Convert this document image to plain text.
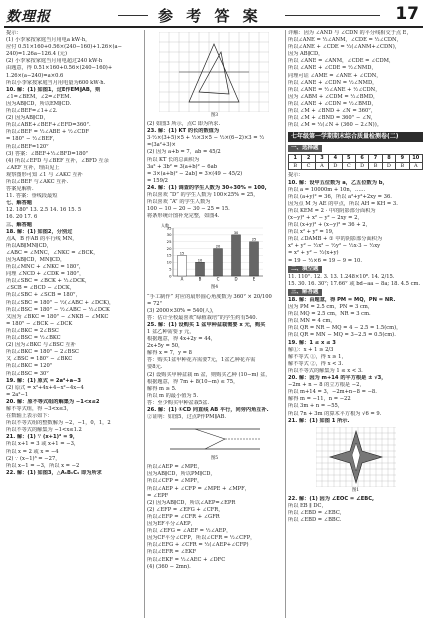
数理报	参 考 答 案	17

提示：

(1) 小李家按家庭当月用电a kW·h，

应付 0.51×160+0.56×(240−160)+1.26×(a−

240)=1.26a−126.4 (元)

(2) 小李家按家庭当月用电超过240 kW·h

由题意，得 0.51×160+0.56×(240−160)+

1.26×(a−240)=a×0.6

所以小李家按家庭当月用电量为600 kW·h.

10. 解：(1) 如图1，过E作EM∥AB，则

∠1=∠BEM，∠2=∠FEM.

因为AB∥CD，所以EM∥CD.

所以∠BEF=∠1+∠2.

(2) 因为AB∥CD，

所以∠ABE+∠BEF+∠EFD=360°.

所以∠BEF = ½∠ABE + ½∠CDF

= 180° − ½∠BEF，

所以∠BEF=120°

(3) 答案：∠BEF+½∠BFD=180°

(4) 所以∠EFD 与∠BEF 互补，∠BFD 互余

∠AEF 互补，理由见上

观察图形可知 ∠1 与 ∠AKC 互补

所以∠BEF 与∠AKC 互补.

答案见解析.

11. 答案：垂线段最短

七、解答题

12. 180° 13. 2.5 14. 16 15. 5

16. 20 17. 6

三、解答题

18. 解：(1) 如图2，分别过

点A，B 作AB 的平行线 MN，

所以AB∥MN∥CD，

∠ABC = ∠MNC，∠NKC = ∠BCK，

因为AB∥CD，MN∥CD，

所以∠MNC + ∠NKC = 180°，

同理 ∠NCD + ∠CDK = 180°，

所以∠SBC = ∠BCK + ½∠DCK，

∠SCB = ∠BCD − ∠DCK，

所以∠SBC + ∠SCB = 180°，

所以∠SBC = 180° − ½(∠ABC + ∠DCK)，

所以∠BSC = 180° − ½∠ABC − ½∠DCK

又因为 ∠BKC = 180° − ∠NKB − ∠MKC

= 180° − ∠BCK − ∠DCK

所以∠BKC = 2∠BSC

所以∠BSC = ½∠BKC

(2) 因为∠BKC 与∠BSC 互补

所以∠BKC = 180° − 2∠BSC

又 ∠BSC = 180° − ∠BKC

所以∠BKC = 120°

所以∠BSC = 30°

19. 解：(1) 原式 = 2a²+a−3

(2) 原式 = x²+4x+4−x²−4x−4

= 2a²−1

20. 解：原不等式组的解集为 −1<x≤2

解不等式组，得 −3<x≤3，

在数轴上表示如下：

所以不等式组的整数解为 −2，−1，0，1，2

所以不等式的解集为 −1<x≤1.2

21. 解：(1) ∵ (x+1)² = 9，

所以 x+1 = 3 或 x+1 = −3，

所以 x = 2 或 x = −4

(2) ∵ (x−1)³ = −27，

所以 x−1 = −3，所以 x = −2

22. 解：(1) 如图3，△A₁B₁C₁ 即为所求

图3

(2) 如图3 所示，点C 即为所求.

23. 解：(1) KT 的长的数值为

3·½×(3+5)×5 + ½×3×5 − ½×(6−2)×3 = ½

=(3a²+3)×

(2) 因为 a+b = 7，ab = 45/2

所以 KT 长的总面积为

3a² + 3b² = 3(a+b)² − 6ab

= 3×(a+b)² − 2ab] = 3×(49 − 45/2)

= 159/2

24. 解：(1) 调查的学生人数为 30÷30% = 100,

所以喜欢 “D” 的学生人数为 100×25% = 25，

所以喜欢 “A” 的学生人数为

100 − 10 − 20 − 30 − 25 = 15.

将条形统计图补充完整，如图4.

0
5
10
15
20
25
30
35
人数
15
A
10
B
20
C
30
D
25
E
图4

“手工制作” 对应的扇形圆心角度数为 360° × 20/100

= 72°

(3) 2000×30% = 540(人)，

答：估计全校最喜欢“绿植栽培”的学生约有540.

25. 解：(1) 设购买 1 盆甲种盆栽需要 x 元，购买

1 盆乙种需要 y 元，

根据题意，得 4x+2y = 44，

2x+5y = 50，

解得 x = 7，y = 8

答：购买1盆甲种花卉需要7元，1盆乙种花卉需

要8元.

(2) 设购买甲种盆栽 m 盆，则购买乙种 (10−m) 盆，

根据题意，得 7m + 8(10−m) ≤ 75，

解得 m ≥ 5.

所以 m 的最小值为 5.

答：至少购买甲种盆栽5盆.

26. 解：(1) ①CD 同直线 AB 平行，同旁内角互补.

②证明：如图5，过点P作PM∥AB.

图5

所以∠AEP = ∠MPE，

因为AB∥CD，所以PM∥CD，

所以∠CFP = ∠MPF，

所以∠AEP + ∠CFP = ∠MPE + ∠MPF，

= ∠EPF

(2) 因为AB∥CD，所以∠AEP=∠EPR

(2) ∠EFP = ∠EFG + ∠CFR，

所以∠EFP = ∠CFR + ∠GFR

因为EF平分∠AEP，

所以 ∠EFG = ∠AEF = ½∠AEP，

因为CF平分∠CFP，所以∠CFR = ½∠CFP，

所以∠EFG + ∠CFR = ½(∠AEP+∠CFP)

所以∠EFR = ∠EKF

所以∠EKF = ½∠AEC + ∠DFC

(4) (360 − 2mn).

详解：因为 ∠AND 与 ∠CDN 的平分线相交于点 E，

所以∠ANE = ½∠ANM，∠CDE = ½∠CDN，

所以∠ANE + ∠CDE = ½(∠ANM+∠CDN)，

因为 AB∥CD，

所以 ∠ANE = ∠ANM，∠CDE = ∠CDM，

所以 ∠ANE + ∠CDE = ½∠NMD，

同理可证 ∠AME = ∠ANE + ∠CDN，

所以 ∠ANE + ∠CDN = ½∠NMD，

所以 ∠ANE = ½∠ANE + ½∠CDN，

因为 ∠ABM + ∠CDM = ½∠BMD，

所以 ∠ANE + ∠CDN = ½∠BMD，

所以 ∠M + ∠BND + ∠N = 360°，

所以 ∠M + ∠BND = 360° − ∠N，

所以 ∠M = ½(∠N + (360 − 2∠N))。

七年级第一学期期末综合质量检测卷(二)
一、选择题
1	2	3	4	5	6	7	8	9	10
B	C	A	D	C	D	B	D	B	A

提示：

10. 解：设甲五位数为 a，乙五位数为 b，

所以 a = 10000m + 10n，……

所以 (a+y)² = 36，所以 a²+y²+2xy = 36.

因为点 M 为 AE 的中点，所以 AH = KH = 3.

所以 KEM = 2 · 中的阴影部分面积为

(x−y)² + x² − y² − 2xy = 2，

所以 (x+y)² + (x−y)² = 36 + 2，

所以 x² + y² = 19，

所以 ∠DAMB + ① 中的阴影部分面积为

x² + y² − ½x² − ½y² − ½x·3 − ½xy

= x² + y² − ½(x+y)

= 19 − ½×6 = 19 − 9 = 10.

二、填空题

11. 110°. 12. 3. 13. 1.248×10⁸. 14. 2/15.

15. 30. 16. 30°; 17.66° 或 bd−aa − 8a; 18. 4.5 cm.

三、解答题

18. 解：由题意，得 PM = MQ，PN = NR.

因为 PM = 2.5 cm，PN = 3 cm，

所以 MQ = 2.5 cm，NR = 3 cm.

所以 MN = 4 cm，

所以 QR = NR − MQ = 4 − 2.5 = 1.5(cm)，

所以 QR = MN − MQ = 3−2.5 = 0.5(cm).

19. 解：1 ≤ x ≤ 3

解①：x + 1 ≥ 2/3

解不等式 ①，得 x ≥ 1，

解不等式 ②，得 x < 3.

所以不等式的解集为 1 ≤ x < 3.

20. 解：因为 m+14 的平方根是 ± √3，

−2m + n − 8 的立方根是 −2，

所以 m+14 = 3，−2m+n−8 = −8.

解得 m = −11，n = −22

所以 3m + n = −55，

所以 7n + 3m 的算术平方根为 √6 = 9.

21. 解：(1) 如图 1 所示.

图1

22. 解：(1) 因为 ∠EOC = ∠EBC,

所以 EB ∥ DC，

所以 ∠EBD = ∠EBC,

所以 ∠EBD = ∠BBC.
